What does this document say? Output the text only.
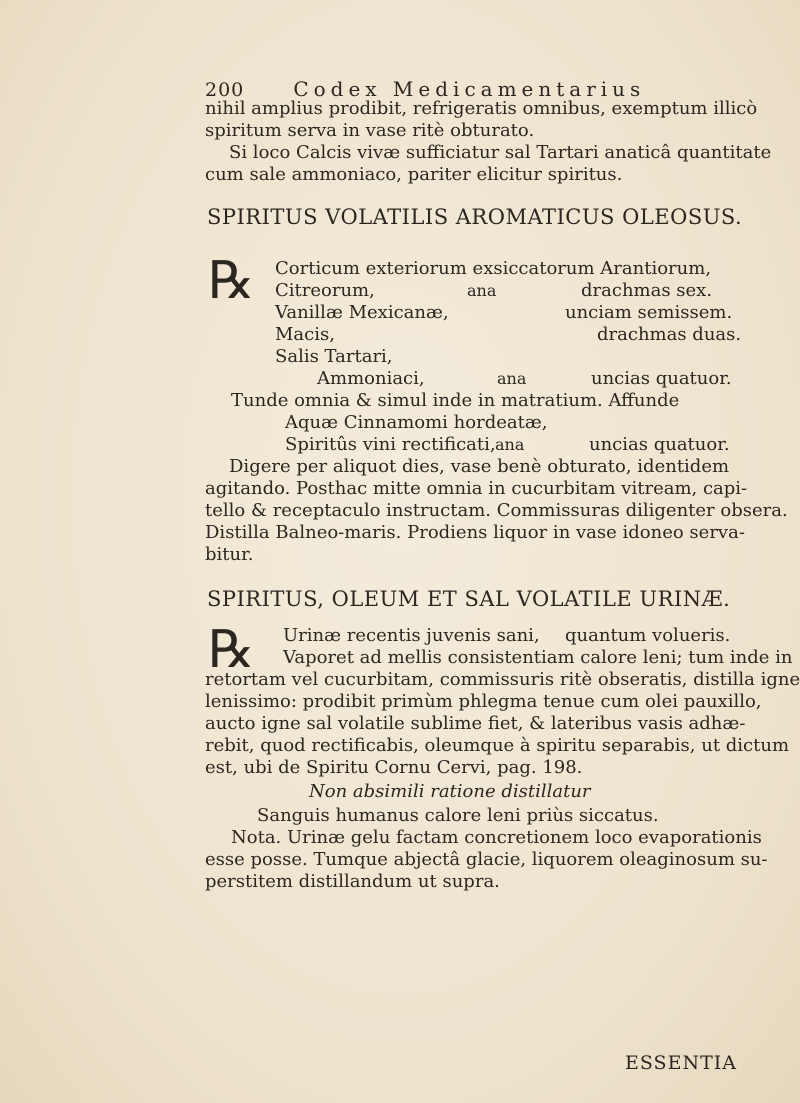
200 Codex Medicamentarius
nihil amplius prodibit, refrigeratis omnibus, exemptum illicò
spiritum serva in vase ritè obturato.
Si loco Calcis vivæ sufficiatur sal Tartari anaticâ quantitate
cum sale ammoniaco, pariter elicitur spiritus.
SPIRITUS VOLATILIS AROMATICUS OLEOSUS.
℞ Corticum exteriorum exsiccatorum Arantiorum,
Citreorum,	ana	drachmas sex.
Vanillæ Mexicanæ,	unciam semissem.
Macis,	drachmas duas.
Salis Tartari,
Ammoniaci,	ana	uncias quatuor.
Tunde omnia & simul inde in matratium. Affunde
Aquæ Cinnamomi hordeatæ,
Spiritûs vini rectificati, ana	uncias quatuor.
Digere per aliquot dies, vase benè obturato, identidem
agitando. Posthac mitte omnia in cucurbitam vitream, capi-
tello & receptaculo instructam. Commissuras diligenter obsera.
Distilla Balneo-maris. Prodiens liquor in vase idoneo serva-
bitur.
SPIRITUS, OLEUM ET SAL VOLATILE URINÆ.
℞ Urinæ recentis juvenis sani, quantum volueris.
Vaporet ad mellis consistentiam calore leni; tum inde in
retortam vel cucurbitam, commissuris ritè obseratis, distilla igne
lenissimo: prodibit primùm phlegma tenue cum olei pauxillo,
aucto igne sal volatile sublime fiet, & lateribus vasis adhæ-
rebit, quod rectificabis, oleumque à spiritu separabis, ut dictum
est, ubi de Spiritu Cornu Cervi, pag. 198.
Non absimili ratione distillatur
Sanguis humanus calore leni priùs siccatus.
Nota. Urinæ gelu factam concretionem loco evaporationis
esse posse. Tumque abjectâ glacie, liquorem oleaginosum su-
perstitem distillandum ut supra.
ESSENTIA
